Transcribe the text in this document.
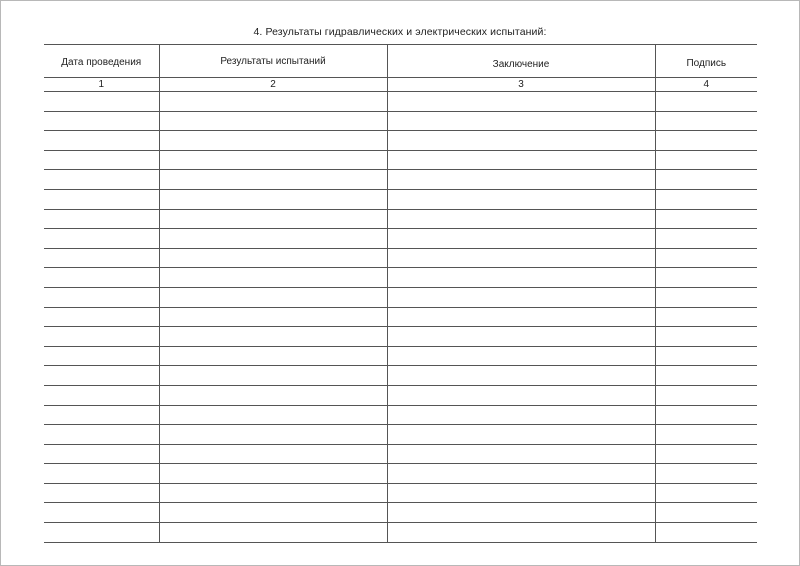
4. Результаты гидравлических и электрических испытаний:
Дата проведения	Результаты испытаний	Заключение	Подпись

1	2	3	4
